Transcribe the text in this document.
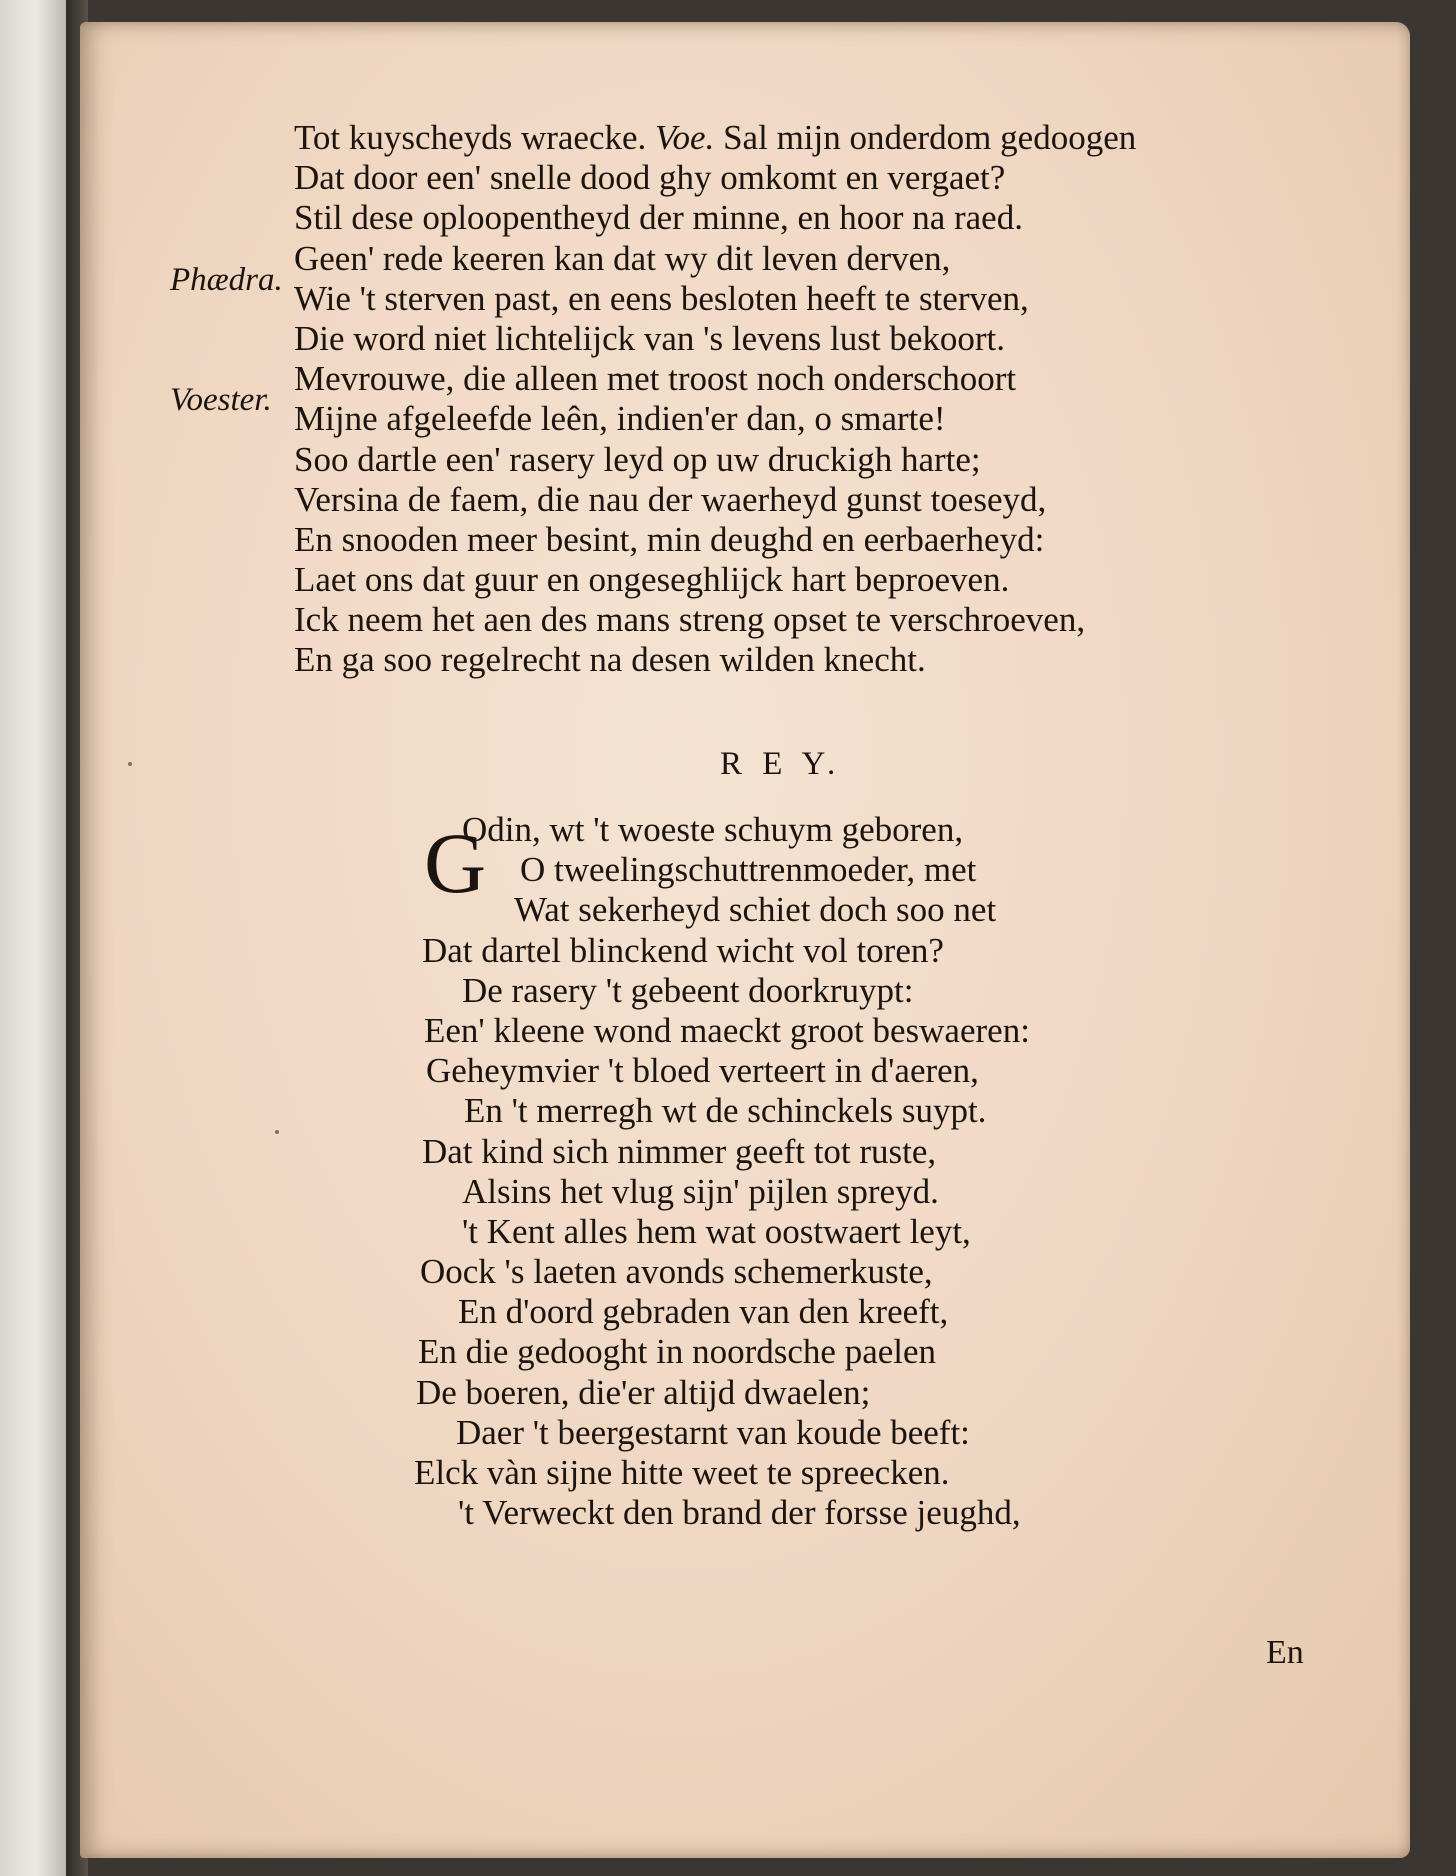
Tot kuyscheyds wraecke. Voe. Sal mijn onderdom gedoogen
Dat door een' snelle dood ghy omkomt en vergaet?
Stil dese oploopentheyd der minne, en hoor na raed.
Geen' rede keeren kan dat wy dit leven derven,
Wie 't sterven past, en eens besloten heeft te sterven,
Die word niet lichtelijck van 's levens lust bekoort.
Mevrouwe, die alleen met troost noch onderschoort
Mijne afgeleefde leên, indien'er dan, o smarte!
Soo dartle een' rasery leyd op uw druckigh harte;
Versina de faem, die nau der waerheyd gunst toeseyd,
En snooden meer besint, min deughd en eerbaerheyd:
Laet ons dat guur en ongeseghlijck hart beproeven.
Ick neem het aen des mans streng opset te verschroeven,
En ga soo regelrecht na desen wilden knecht.
Phædra.
Voester.
R E Y.
G
Odin, wt 't woeste schuym geboren,
O tweelingschuttrenmoeder, met
Wat sekerheyd schiet doch soo net
Dat dartel blinckend wicht vol toren?
De rasery 't gebeent doorkruypt:
Een' kleene wond maeckt groot beswaeren:
Geheymvier 't bloed verteert in d'aeren,
En 't merregh wt de schinckels suypt.
Dat kind sich nimmer geeft tot ruste,
Alsins het vlug sijn' pijlen spreyd.
't Kent alles hem wat oostwaert leyt,
Oock 's laeten avonds schemerkuste,
En d'oord gebraden van den kreeft,
En die gedooght in noordsche paelen
De boeren, die'er altijd dwaelen;
Daer 't beergestarnt van koude beeft:
Elck vàn sijne hitte weet te spreecken.
't Verweckt den brand der forsse jeughd,
En
